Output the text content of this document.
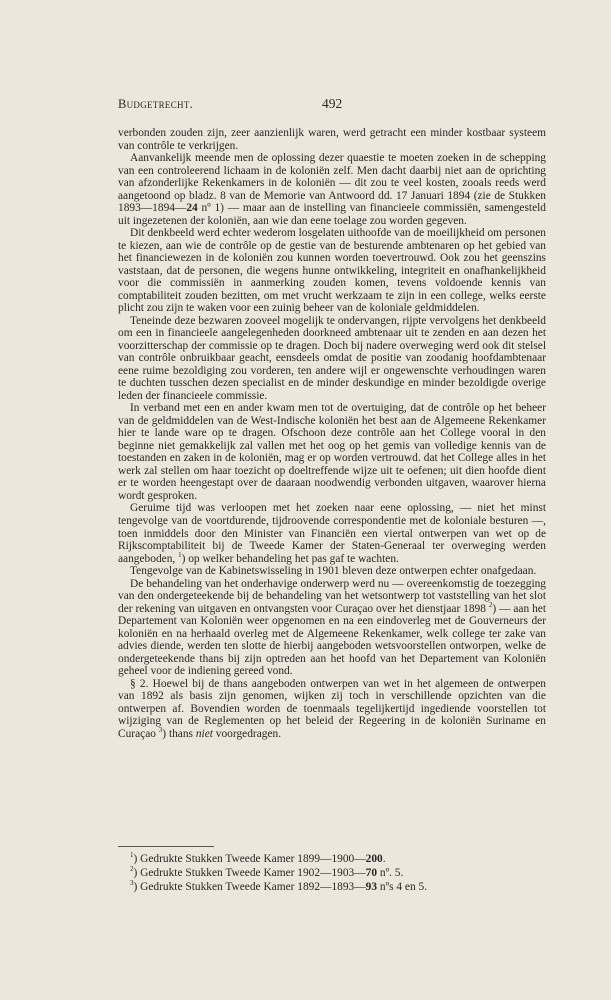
Budgetrecht.	492

verbonden zouden zijn, zeer aanzienlijk waren, werd getracht een minder kostbaar systeem van contrôle te verkrijgen.

Aanvankelijk meende men de oplossing dezer quaestie te moeten zoeken in de schepping van een controleerend lichaam in de koloniën zelf. Men dacht daarbij niet aan de oprichting van afzonderlijke Rekenkamers in de koloniën — dit zou te veel kosten, zooals reeds werd aangetoond op bladz. 8 van de Memorie van Antwoord dd. 17 Januari 1894 (zie de Stukken 1893—1894—24 nº 1) — maar aan de instelling van financieele commissiën, samengesteld uit ingezetenen der koloniën, aan wie dan eene toelage zou worden gegeven.

Dit denkbeeld werd echter wederom losgelaten uithoofde van de moeilijkheid om personen te kiezen, aan wie de contrôle op de gestie van de besturende ambtenaren op het gebied van het financiewezen in de koloniën zou kunnen worden toevertrouwd. Ook zou het geenszins vaststaan, dat de personen, die wegens hunne ontwikkeling, integriteit en onafhankelijkheid voor die commissiën in aanmerking zouden komen, tevens voldoende kennis van comptabiliteit zouden bezitten, om met vrucht werkzaam te zijn in een college, welks eerste plicht zou zijn te waken voor een zuinig beheer van de koloniale geldmiddelen.

Teneinde deze bezwaren zooveel mogelijk te ondervangen, rijpte vervolgens het denkbeeld om een in financieele aangelegenheden doorkneed ambtenaar uit te zenden en aan dezen het voorzitterschap der commissie op te dragen. Doch bij nadere overweging werd ook dit stelsel van contrôle onbruikbaar geacht, eensdeels omdat de positie van zoodanig hoofdambtenaar eene ruime bezoldiging zou vorderen, ten andere wijl er ongewenschte verhoudingen waren te duchten tusschen dezen specialist en de minder deskundige en minder bezoldigde overige leden der financieele commissie.

In verband met een en ander kwam men tot de overtuiging, dat de contrôle op het beheer van de geldmiddelen van de West-Indische koloniën het best aan de Algemeene Rekenkamer hier te lande ware op te dragen. Ofschoon deze contrôle aan het College vooral in den beginne niet gemakkelijk zal vallen met het oog op het gemis van volledige kennis van de toestanden en zaken in de koloniën, mag er op worden vertrouwd. dat het College alles in het werk zal stellen om haar toezicht op doeltreffende wijze uit te oefenen; uit dien hoofde dient er te worden heengestapt over de daaraan noodwendig verbonden uitgaven, waarover hierna wordt gesproken.

Geruime tijd was verloopen met het zoeken naar eene oplossing, — niet het minst tengevolge van de voortdurende, tijdroovende correspondentie met de koloniale besturen —, toen inmiddels door den Minister van Financiën een viertal ontwerpen van wet op de Rijkscomptabiliteit bij de Tweede Kamer der Staten-Generaal ter overweging werden aangeboden, $^1$) op welker behandeling het pas gaf te wachten.

Tengevolge van de Kabinetswisseling in 1901 bleven deze ontwerpen echter onafgedaan.

De behandeling van het onderhavige onderwerp werd nu — overeenkomstig de toezegging van den ondergeteekende bij de behandeling van het wetsontwerp tot vaststelling van het slot der rekening van uitgaven en ontvangsten voor Curaçao over het dienstjaar 1898 $^2$) — aan het Departement van Koloniën weer opgenomen en na een eindoverleg met de Gouverneurs der koloniën en na herhaald overleg met de Algemeene Rekenkamer, welk college ter zake van advies diende, werden ten slotte de hierbij aangeboden wetsvoorstellen ontworpen, welke de ondergeteekende thans bij zijn optreden aan het hoofd van het Departement van Koloniën geheel voor de indiening gereed vond.

§ 2. Hoewel bij de thans aangeboden ontwerpen van wet in het algemeen de ontwerpen van 1892 als basis zijn genomen, wijken zij toch in verschillende opzichten van die ontwerpen af. Bovendien worden de toenmaals tegelijkertijd ingediende voorstellen tot wijziging van de Reglementen op het beleid der Regeering in de koloniën Suriname en Curaçao $^3$) thans niet voorgedragen.

$^1$) Gedrukte Stukken Tweede Kamer 1899—1900—200.
$^2$) Gedrukte Stukken Tweede Kamer 1902—1903—70 nº. 5.
$^3$) Gedrukte Stukken Tweede Kamer 1892—1893—93 nºs 4 en 5.
